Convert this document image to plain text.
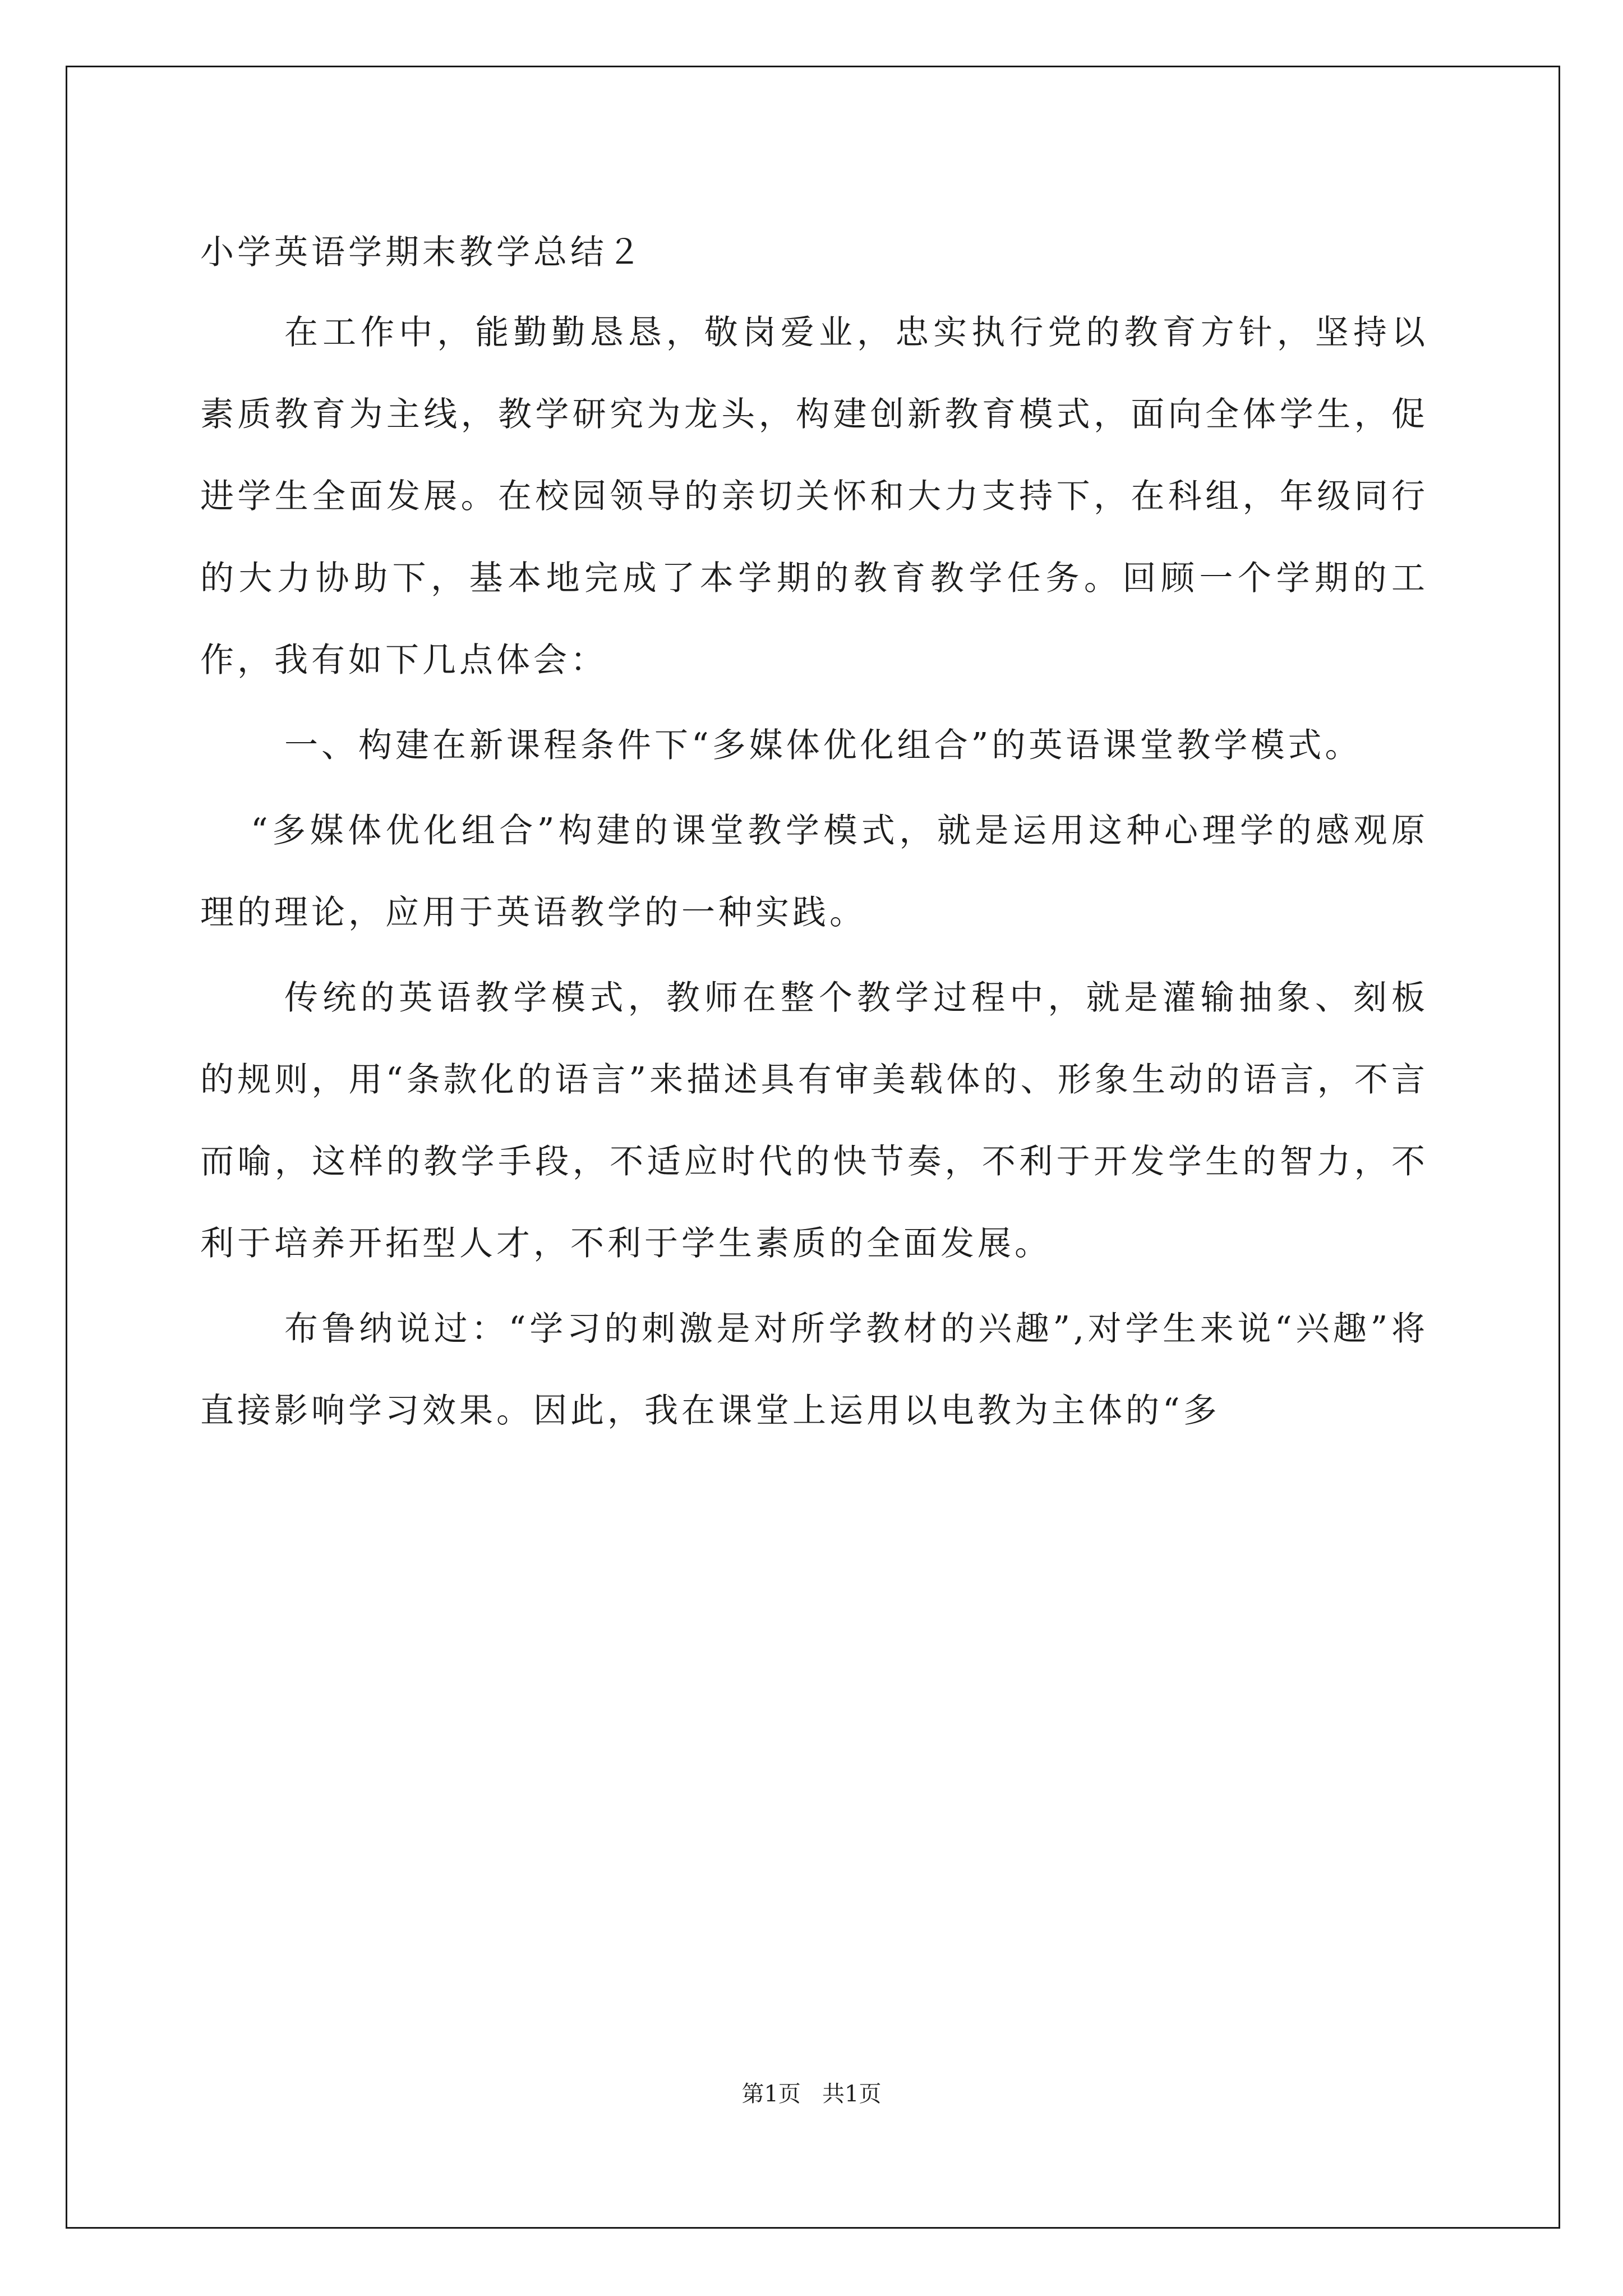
小学英语学期末教学总结２

在工作中，能勤勤恳恳，敬岗爱业，忠实执行党的教育方针，坚持以素质教育为主线，教学研究为龙头，构建创新教育模式，面向全体学生，促进学生全面发展。在校园领导的亲切关怀和大力支持下，在科组，年级同行的大力协助下，基本地完成了本学期的教育教学任务。回顾一个学期的工作，我有如下几点体会：

一、构建在新课程条件下“多媒体优化组合”的英语课堂教学模式。

“多媒体优化组合”构建的课堂教学模式，就是运用这种心理学的感观原理的理论，应用于英语教学的一种实践。

传统的英语教学模式，教师在整个教学过程中，就是灌输抽象、刻板的规则，用“条款化的语言”来描述具有审美载体的、形象生动的语言，不言而喻，这样的教学手段，不适应时代的快节奏，不利于开发学生的智力，不利于培养开拓型人才，不利于学生素质的全面发展。

布鲁纳说过：“学习的刺激是对所学教材的兴趣”,对学生来说“兴趣”将直接影响学习效果。因此，我在课堂上运用以电教为主体的“多

第1页   共1页
